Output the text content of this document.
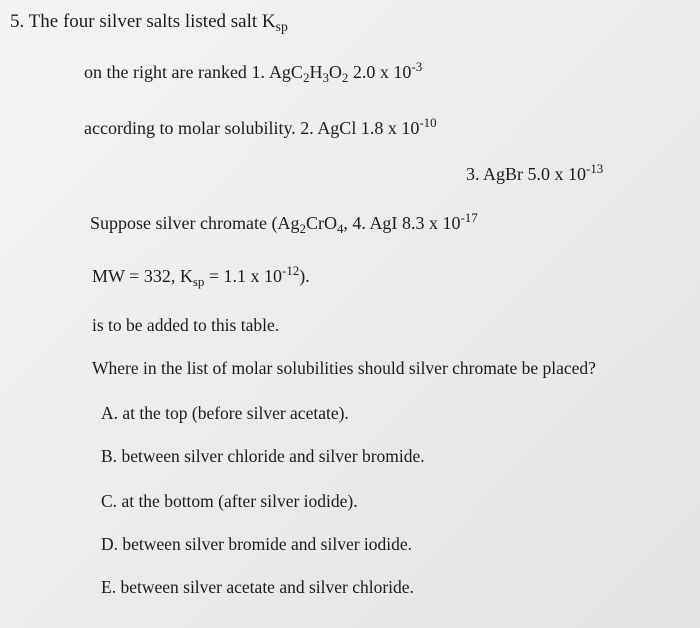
5. The four silver salts listed salt $K_{sp}$
on the right are ranked 1. $AgC_2H_3O_2$ 2.0 x $10^{-3}$
according to molar solubility. 2. AgCl 1.8 x $10^{-10}$
3. AgBr 5.0 x $10^{-13}$
Suppose silver chromate ($Ag_2CrO_4$, 4. AgI 8.3 x $10^{-17}$
MW = 332, $K_{sp} = 1.1$ x $10^{-12}$).
is to be added to this table.
Where in the list of molar solubilities should silver chromate be placed?
A. at the top (before silver acetate).
B. between silver chloride and silver bromide.
C. at the bottom (after silver iodide).
D. between silver bromide and silver iodide.
E. between silver acetate and silver chloride.
